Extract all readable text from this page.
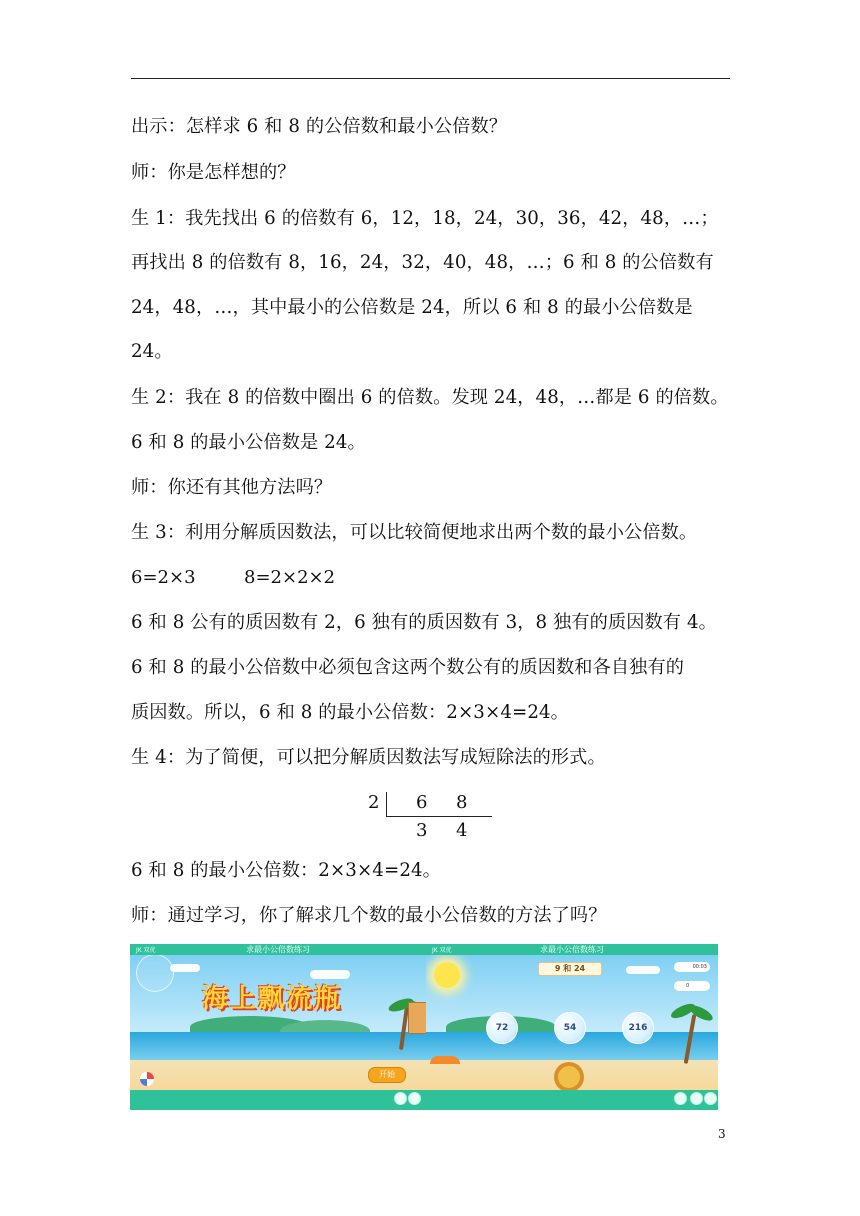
出示：怎样求 6 和 8 的公倍数和最小公倍数？
师：你是怎样想的？
生 1：我先找出 6 的倍数有 6，12，18，24，30，36，42，48，…；
再找出 8 的倍数有 8，16，24，32，40，48，…；6 和 8 的公倍数有
24，48，…，其中最小的公倍数是 24，所以 6 和 8 的最小公倍数是
24。
生 2：我在 8 的倍数中圈出 6 的倍数。发现 24，48，…都是 6 的倍数。
6 和 8 的最小公倍数是 24。
师：你还有其他方法吗？
生 3：利用分解质因数法，可以比较简便地求出两个数的最小公倍数。
6=2×3	8=2×2×2
6 和 8 公有的质因数有 2，6 独有的质因数有 3，8 独有的质因数有 4。
6 和 8 的最小公倍数中必须包含这两个数公有的质因数和各自独有的
质因数。所以，6 和 8 的最小公倍数：2×3×4=24。
生 4：为了简便，可以把分解质因数法写成短除法的形式。
2 6 8
3 4
6 和 8 的最小公倍数：2×3×4=24。
师：通过学习，你了解求几个数的最小公倍数的方法了吗？
海上飘流瓶
开始
JK 双优	求最小公倍数练习
9 和 24	00:03
0
72	54	216
JK 双优	求最小公倍数练习
3
